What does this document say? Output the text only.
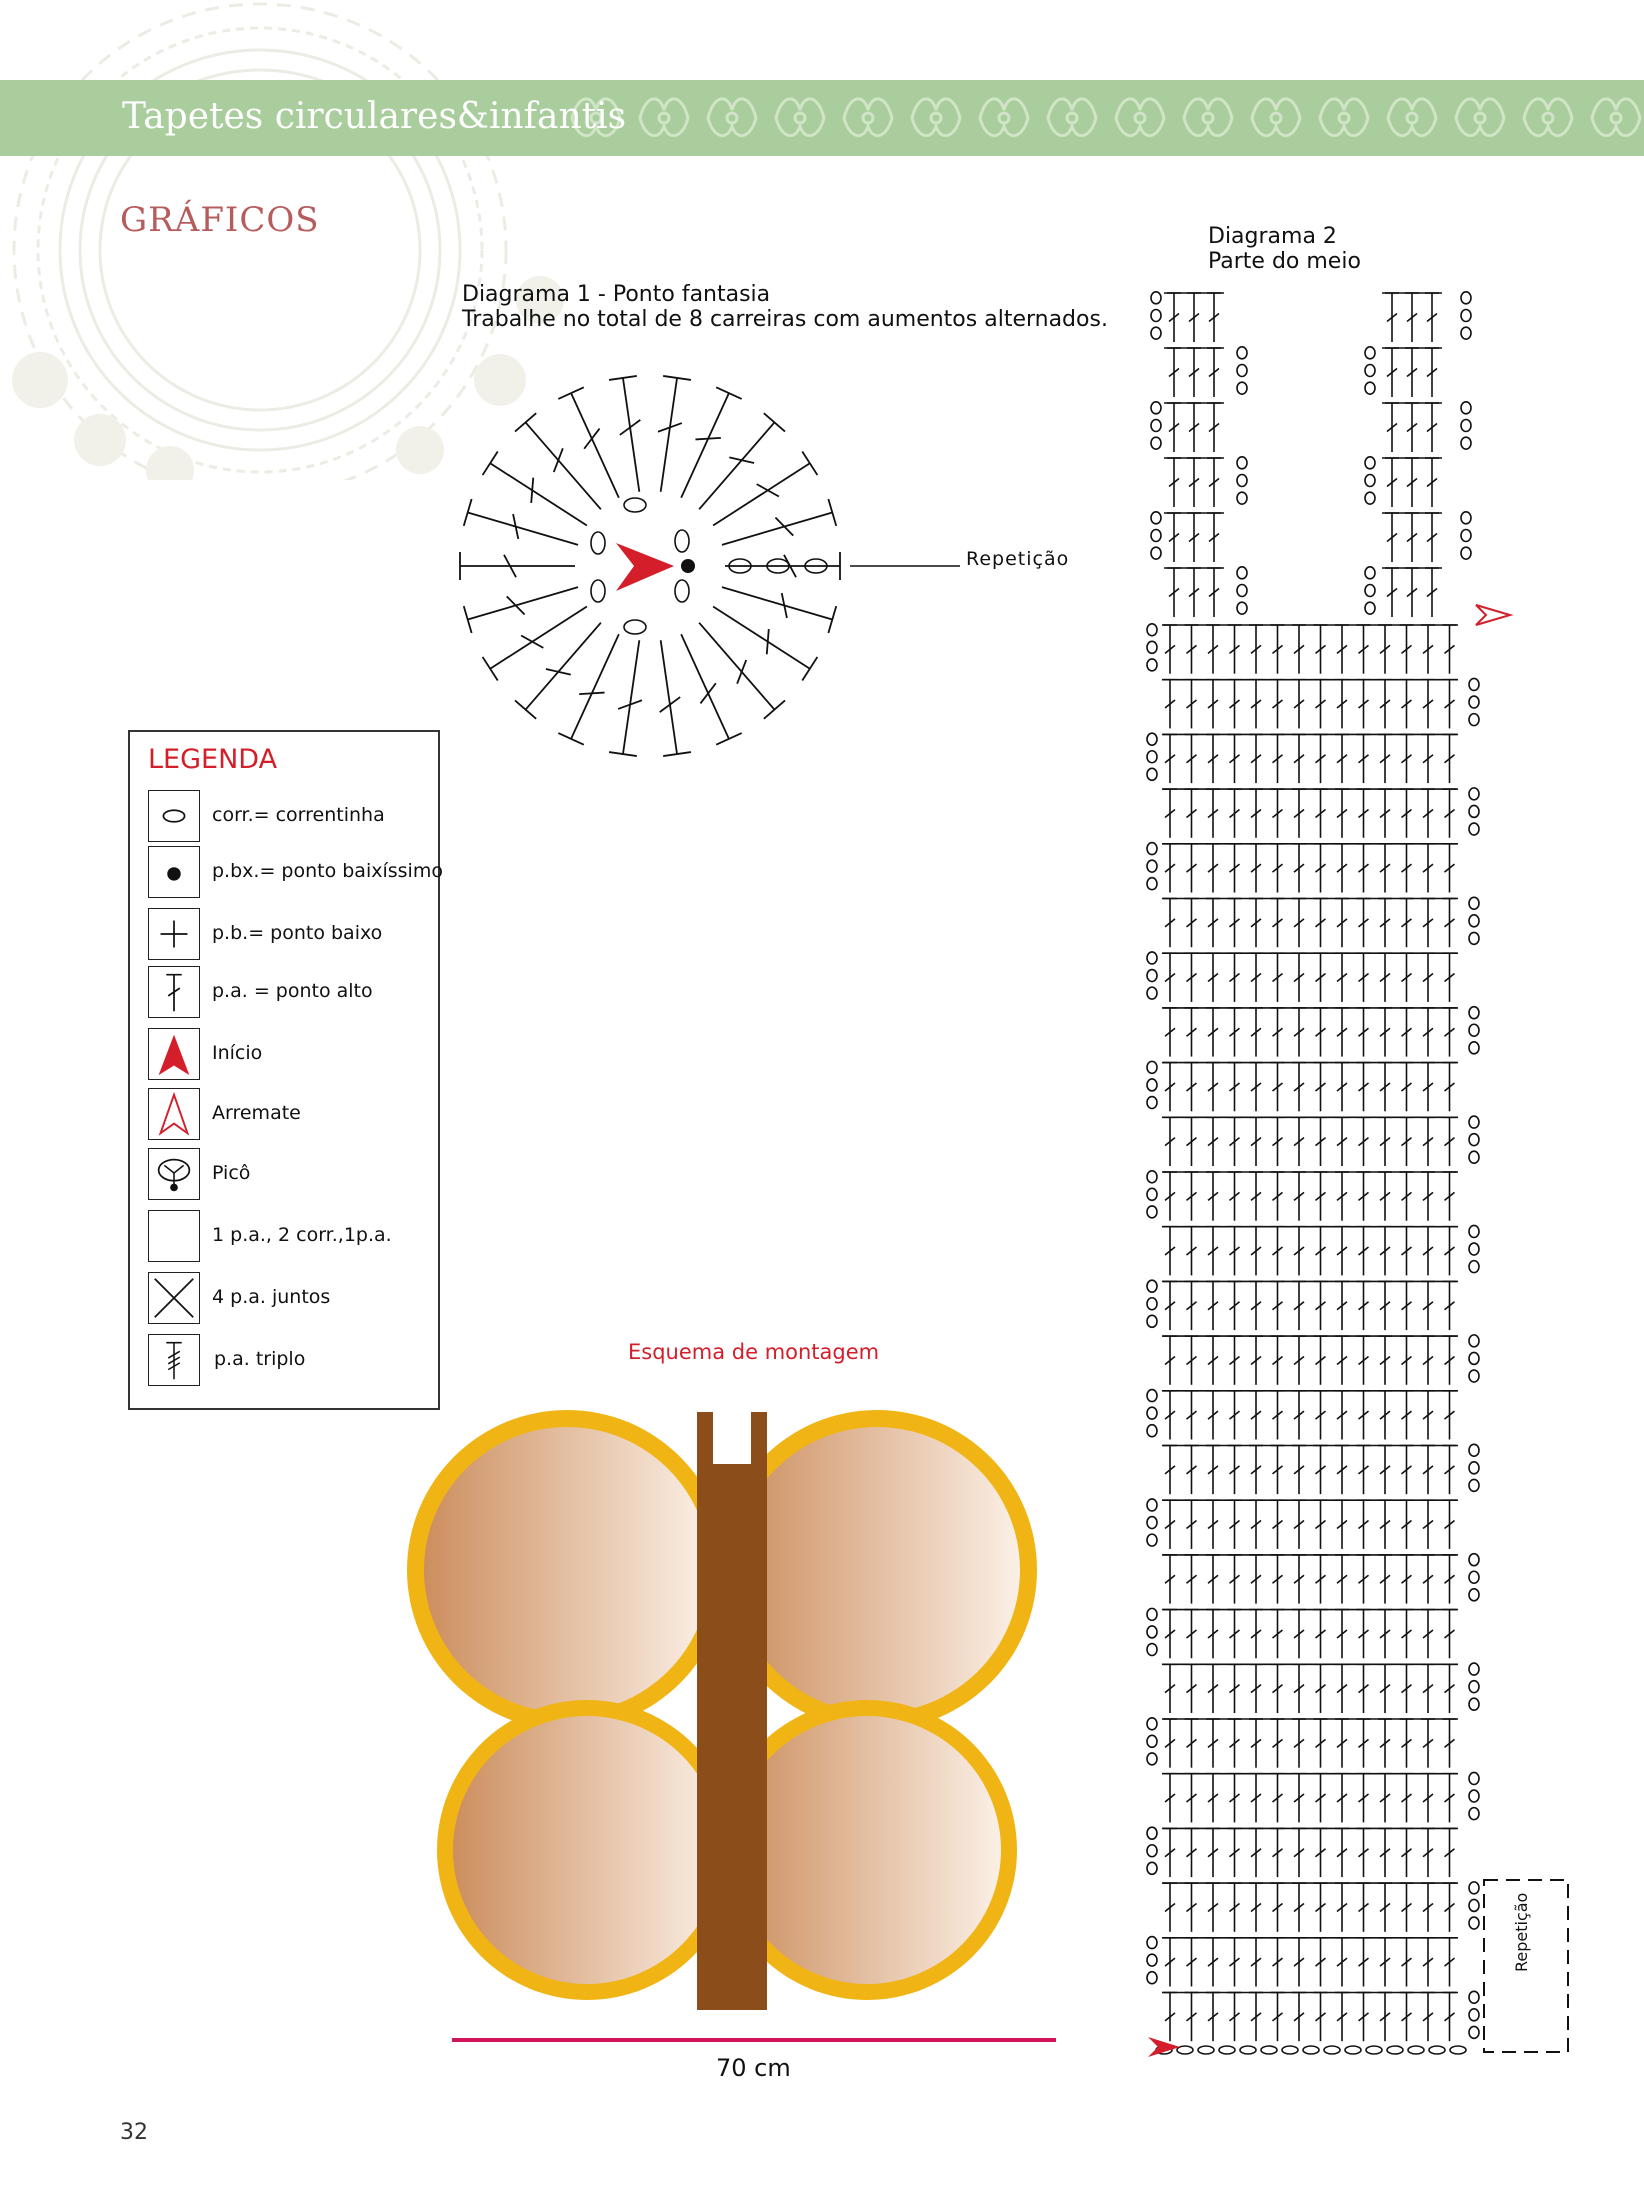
Tapetes circulares&infantis
GRÁFICOS
Diagrama 1 - Ponto fantasia
Trabalhe no total de 8 carreiras com aumentos alternados.
Repetição
Diagrama 2
Parte do meio
Repetição
LEGENDA
corr.= correntinha
p.bx.= ponto baixíssimo
p.b.= ponto baixo
p.a. = ponto alto
Início
Arremate
Picô
1 p.a., 2 corr.,1p.a.
4 p.a. juntos
p.a. triplo	Esquema de montagem
70 cm
32
